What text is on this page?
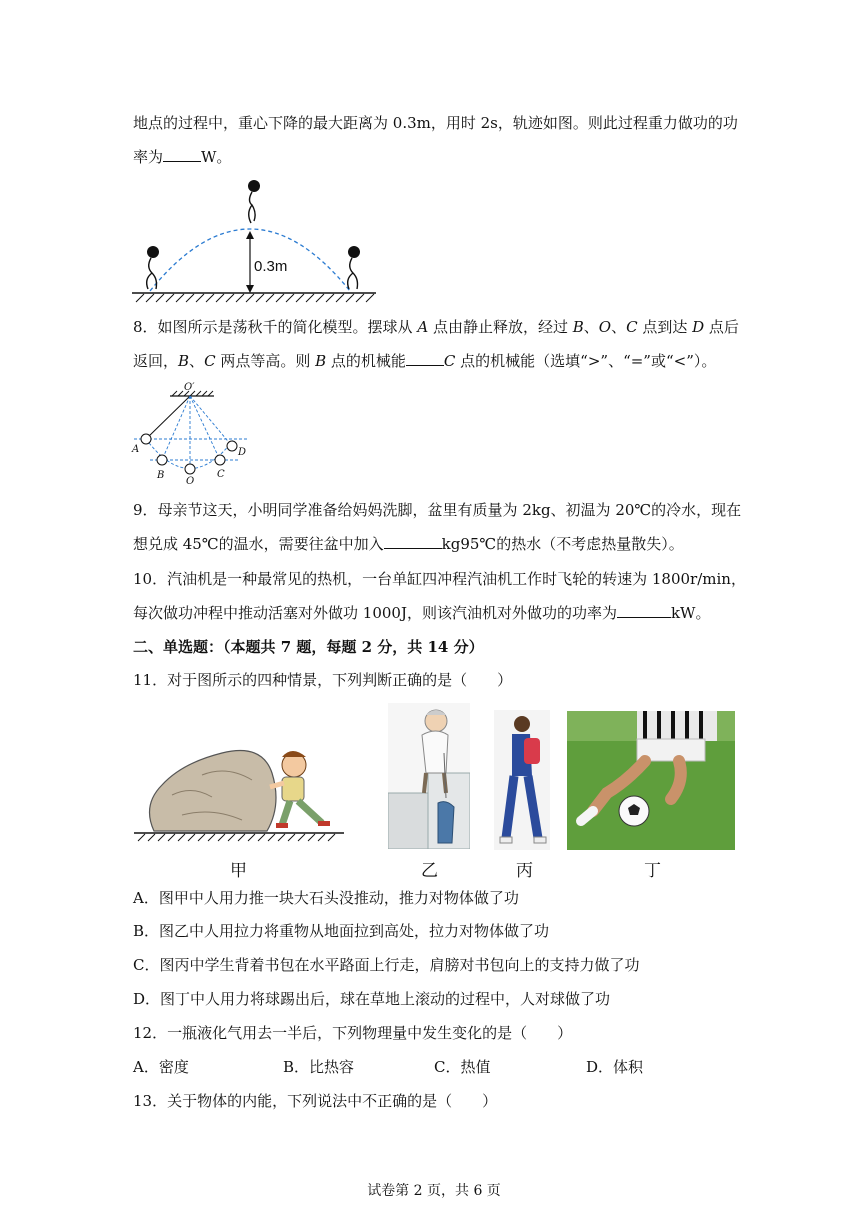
地点的过程中，重心下降的最大距离为 0.3m，用时 2s，轨迹如图。则此过程重力做功的功
率为	W。
0.3m
8．如图所示是荡秋千的简化模型。摆球从 A 点由静止释放，经过 B、O、C 点到达 D 点后
返回，B、C 两点等高。则 B 点的机械能	C 点的机械能（选填“>”、“=”或“<”）。
O′
A
B
O
C
D
9．母亲节这天，小明同学准备给妈妈洗脚，盆里有质量为 2kg、初温为 20℃的冷水，现在
想兑成 45℃的温水，需要往盆中加入	kg95℃的热水（不考虑热量散失）。
10．汽油机是一种最常见的热机，一台单缸四冲程汽油机工作时飞轮的转速为 1800r/min，
每次做功冲程中推动活塞对外做功 1000J，则该汽油机对外做功的功率为	kW。
二、单选题：（本题共 7 题，每题 2 分，共 14 分）
11．对于图所示的四种情景，下列判断正确的是（　　）
甲	乙	丙	丁
A．图甲中人用力推一块大石头没推动，推力对物体做了功
B．图乙中人用拉力将重物从地面拉到高处，拉力对物体做了功
C．图丙中学生背着书包在水平路面上行走，肩膀对书包向上的支持力做了功
D．图丁中人用力将球踢出后，球在草地上滚动的过程中，人对球做了功
12．一瓶液化气用去一半后，下列物理量中发生变化的是（　　）
A．密度	B．比热容	C．热值	D．体积
13．关于物体的内能，下列说法中不正确的是（　　）
试卷第 2 页，共 6 页
